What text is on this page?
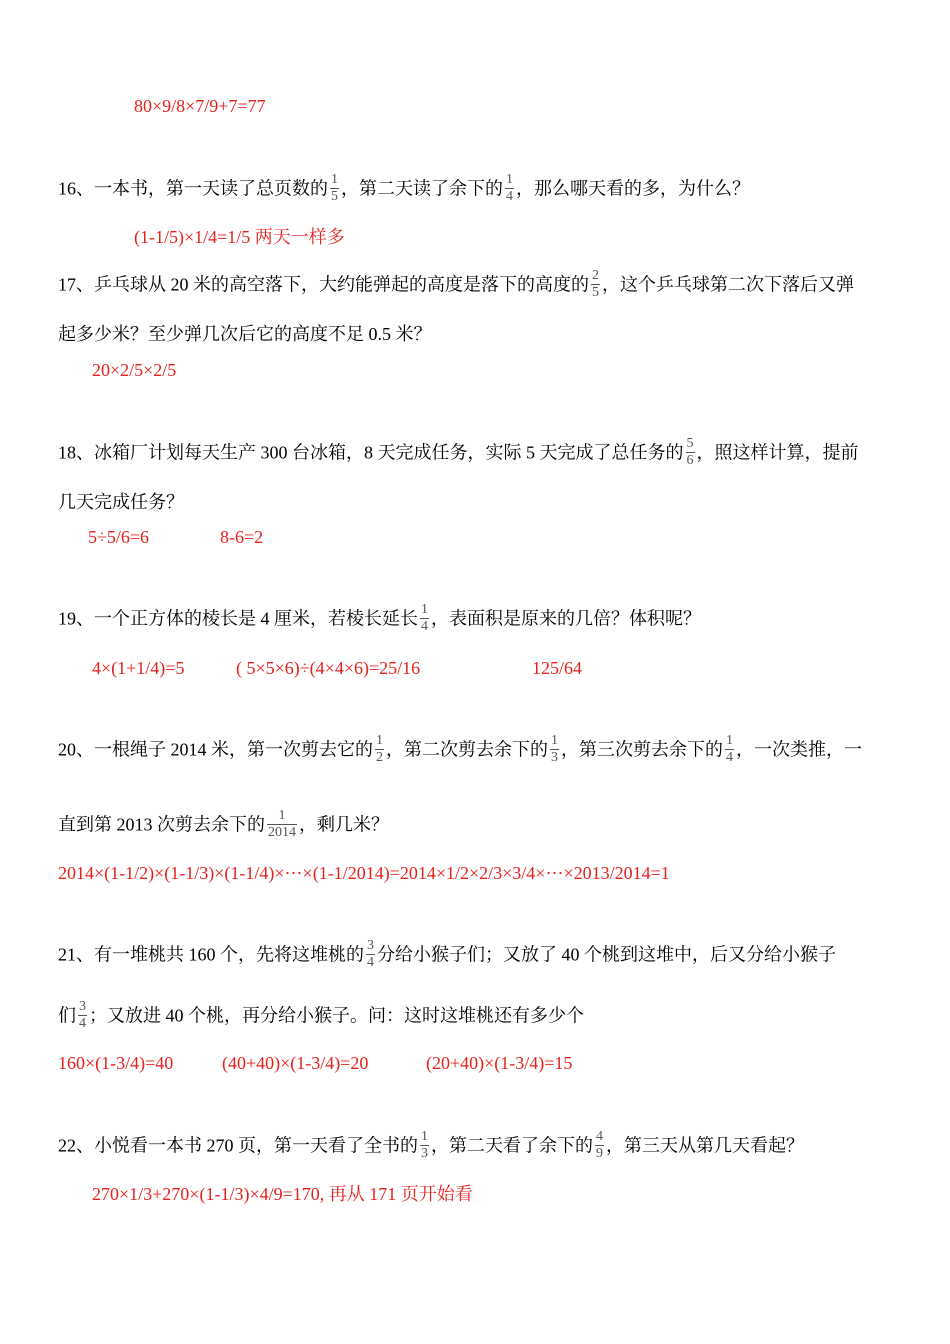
80×9/8×7/9+7=77
16、一本书，第一天读了总页数的 $\frac{1}{5}$ ，第二天读了余下的 $\frac{1}{4}$ ，那么哪天看的多，为什么？
(1-1/5)×1/4=1/5 两天一样多
17、乒乓球从 20 米的高空落下，大约能弹起的高度是落下的高度的 $\frac{2}{5}$ ，这个乒乓球第二次下落后又弹
起多少米？至少弹几次后它的高度不足 0.5 米？
20×2/5×2/5
18、冰箱厂计划每天生产 300 台冰箱，8 天完成任务，实际 5 天完成了总任务的 $\frac{5}{6}$ ，照这样计算，提前
几天完成任务？
5÷5/6=6	8-6=2
19、一个正方体的棱长是 4 厘米，若棱长延长 $\frac{1}{4}$ ，表面积是原来的几倍？体积呢？
4×(1+1/4)=5	( 5×5×6)÷(4×4×6)=25/16	125/64
20、一根绳子 2014 米，第一次剪去它的 $\frac{1}{2}$ ，第二次剪去余下的 $\frac{1}{3}$ ，第三次剪去余下的 $\frac{1}{4}$ ，一次类推，一
直到第 2013 次剪去余下的 $\frac{1}{2014}$ ，剩几米？
2014×(1-1/2)×(1-1/3)×(1-1/4)×⋯×(1-1/2014)=2014×1/2×2/3×3/4×⋯×2013/2014=1
21、有一堆桃共 160 个，先将这堆桃的 $\frac{3}{4}$ 分给小猴子们；又放了 40 个桃到这堆中，后又分给小猴子
们 $\frac{3}{4}$ ；又放进 40 个桃，再分给小猴子。问：这时这堆桃还有多少个
160×(1-3/4)=40	(40+40)×(1-3/4)=20	(20+40)×(1-3/4)=15
22、小悦看一本书 270 页，第一天看了全书的 $\frac{1}{3}$ ，第二天看了余下的 $\frac{4}{9}$ ，第三天从第几天看起？
270×1/3+270×(1-1/3)×4/9=170, 再从 171 页开始看
